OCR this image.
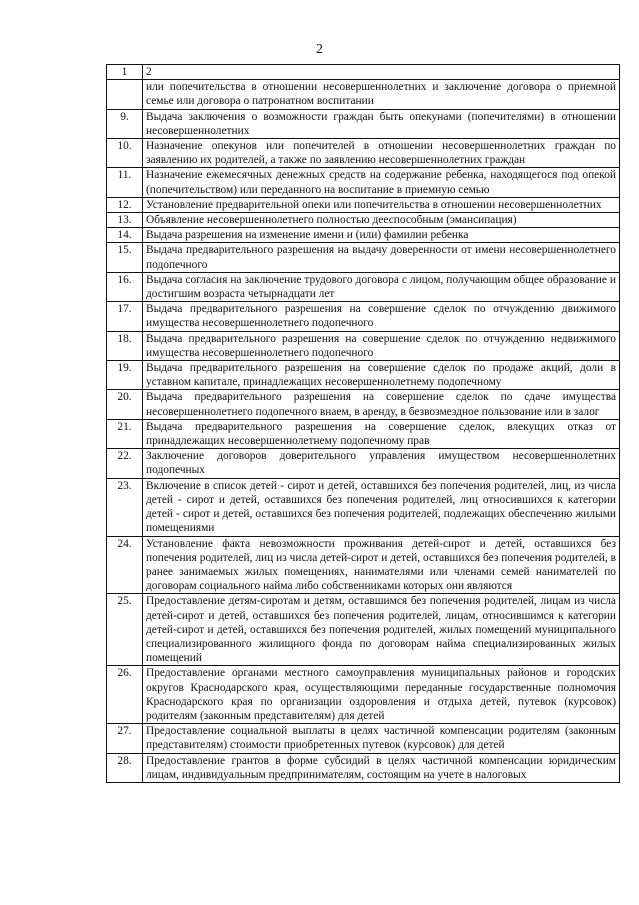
2
1	2
	или попечительства в отношении несовершеннолетних и заключение договора о приемной семье или договора о патронатном воспитании
9.	Выдача заключения о возможности граждан быть опекунами (попечителями) в отношении несовершеннолетних
10.	Назначение опекунов или попечителей в отношении несовершеннолетних граждан по заявлению их родителей, а также по заявлению несовершеннолетних граждан
11.	Назначение ежемесячных денежных средств на содержание ребенка, находящегося под опекой (попечительством) или переданного на воспитание в приемную семью
12.	Установление предварительной опеки или попечительства в отношении несовершеннолетних
13.	Объявление несовершеннолетнего полностью дееспособным (эмансипация)
14.	Выдача разрешения на изменение имени и (или) фамилии ребенка
15.	Выдача предварительного разрешения на выдачу доверенности от имени несовершеннолетнего подопечного
16.	Выдача согласия на заключение трудового договора с лицом, получающим общее образование и достигшим возраста четырнадцати лет
17.	Выдача предварительного разрешения на совершение сделок по отчуждению движимого имущества несовершеннолетнего подопечного
18.	Выдача предварительного разрешения на совершение сделок по отчуждению недвижимого имущества несовершеннолетнего подопечного
19.	Выдача предварительного разрешения на совершение сделок по продаже акций, доли в уставном капитале, принадлежащих несовершеннолетнему подопечному
20.	Выдача предварительного разрешения на совершение сделок по сдаче имущества несовершеннолетнего подопечного внаем, в аренду, в безвозмездное пользование или в залог
21.	Выдача предварительного разрешения на совершение сделок, влекущих отказ от принадлежащих несовершеннолетнему подопечному прав
22.	Заключение договоров доверительного управления имуществом несовершеннолетних подопечных
23.	Включение в список детей - сирот и детей, оставшихся без попечения родителей, лиц, из числа детей - сирот и детей, оставшихся без попечения родителей, лиц относившихся к категории детей - сирот и детей, оставшихся без попечения родителей, подлежащих обеспечению жилыми помещениями
24.	Установление факта невозможности проживания детей-сирот и детей, оставшихся без попечения родителей, лиц из числа детей-сирот и детей, оставшихся без попечения родителей, в ранее занимаемых жилых помещениях, нанимателями или членами семей нанимателей по договорам социального найма либо собственниками которых они являются
25.	Предоставление детям-сиротам и детям, оставшимся без попечения родителей, лицам из числа детей-сирот и детей, оставшихся без попечения родителей, лицам, относившимся к категории детей-сирот и детей, оставшихся без попечения родителей, жилых помещений муниципального специализированного жилищного фонда по договорам найма специализированных жилых помещений
26.	Предоставление органами местного самоуправления муниципальных районов и городских округов Краснодарского края, осуществляющими переданные государственные полномочия Краснодарского края по организации оздоровления и отдыха детей, путевок (курсовок) родителям (законным представителям) для детей
27.	Предоставление социальной выплаты в целях частичной компенсации родителям (законным представителям) стоимости приобретенных путевок (курсовок) для детей
28.	Предоставление грантов в форме субсидий в целях частичной компенсации юридическим лицам, индивидуальным предпринимателям, состоящим на учете в налоговых
